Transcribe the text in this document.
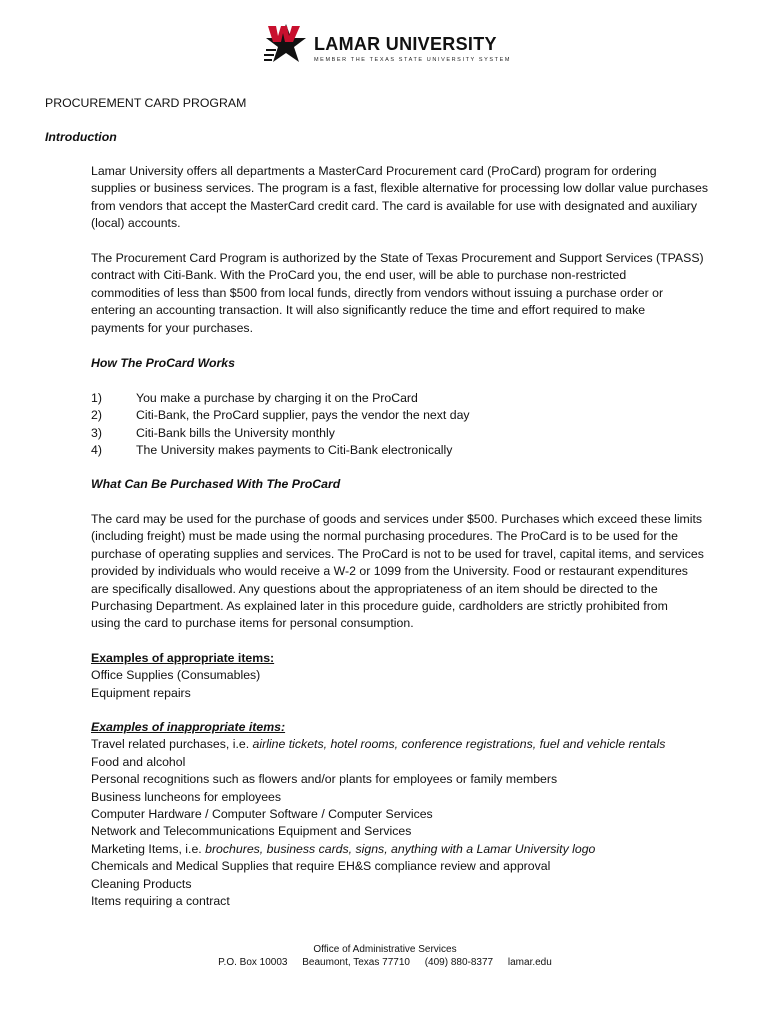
LAMAR UNIVERSITY
MEMBER THE TEXAS STATE UNIVERSITY SYSTEM
PROCUREMENT CARD PROGRAM
Introduction

Lamar University offers all departments a MasterCard Procurement card (ProCard) program for ordering

supplies or business services. The program is a fast, flexible alternative for processing low dollar value purchases

from vendors that accept the MasterCard credit card. The card is available for use with designated and auxiliary

(local) accounts.

The Procurement Card Program is authorized by the State of Texas Procurement and Support Services (TPASS)

contract with Citi-Bank. With the ProCard you, the end user, will be able to purchase non-restricted

commodities of less than $500 from local funds, directly from vendors without issuing a purchase order or

entering an accounting transaction. It will also significantly reduce the time and effort required to make

payments for your purchases.

How The ProCard Works
1)	You make a purchase by charging it on the ProCard
2)	Citi-Bank, the ProCard supplier, pays the vendor the next day
3)	Citi-Bank bills the University monthly
4)	The University makes payments to Citi-Bank electronically
What Can Be Purchased With The ProCard

The card may be used for the purchase of goods and services under $500. Purchases which exceed these limits

(including freight) must be made using the normal purchasing procedures. The ProCard is to be used for the

purchase of operating supplies and services. The ProCard is not to be used for travel, capital items, and services

provided by individuals who would receive a W-2 or 1099 from the University. Food or restaurant expenditures

are specifically disallowed. Any questions about the appropriateness of an item should be directed to the

Purchasing Department. As explained later in this procedure guide, cardholders are strictly prohibited from

using the card to purchase items for personal consumption.

Examples of appropriate items:
Office Supplies (Consumables)
Equipment repairs
Examples of inappropriate items:
Travel related purchases, i.e. airline tickets, hotel rooms, conference registrations, fuel and vehicle rentals
Food and alcohol
Personal recognitions such as flowers and/or plants for employees or family members
Business luncheons for employees
Computer Hardware / Computer Software / Computer Services
Network and Telecommunications Equipment and Services
Marketing Items, i.e. brochures, business cards, signs, anything with a Lamar University logo
Chemicals and Medical Supplies that require EH&S compliance review and approval
Cleaning Products
Items requiring a contract
Office of Administrative Services
P.O. Box 10003 Beaumont, Texas 77710 (409) 880-8377 lamar.edu
